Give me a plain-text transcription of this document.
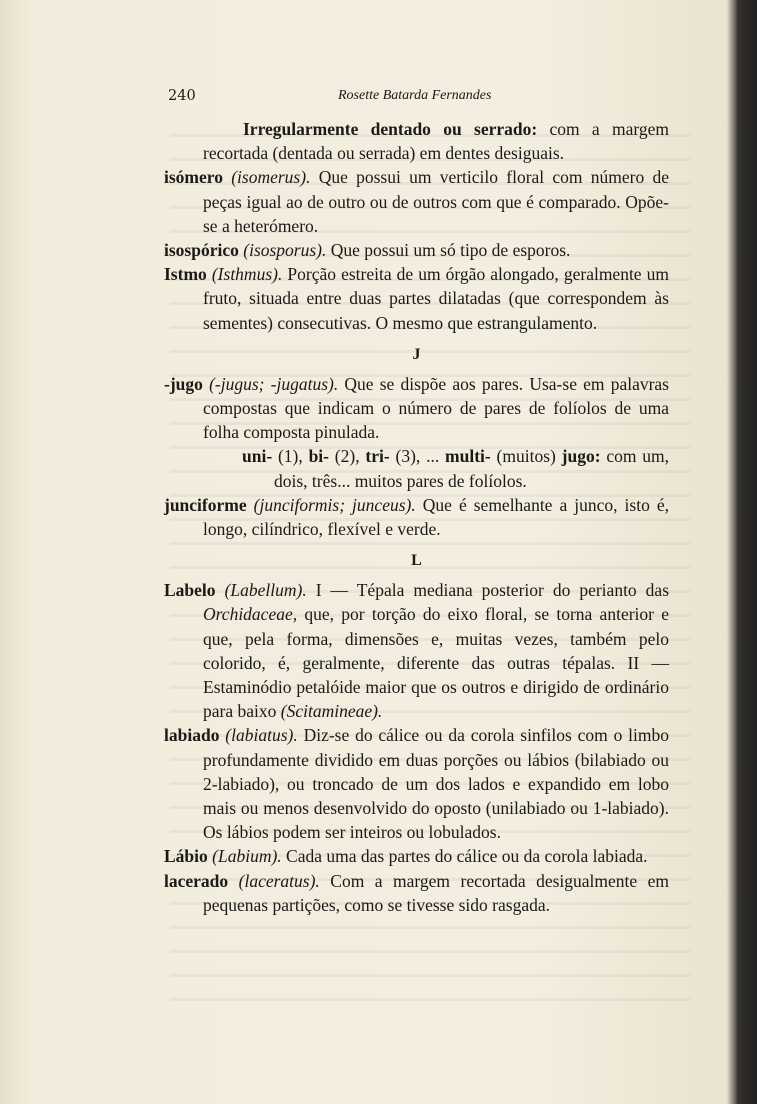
240	Rosette Batarda Fernandes

Irregularmente dentado ou serrado: com a margem recortada (dentada ou serrada) em dentes desiguais.

isómero (isomerus). Que possui um verticilo floral com número de peças igual ao de outro ou de outros com que é comparado. Opõe-se a heterómero.

isospórico (isosporus). Que possui um só tipo de esporos.

Istmo (Isthmus). Porção estreita de um órgão alongado, geralmente um fruto, situada entre duas partes dilatadas (que correspondem às sementes) consecutivas. O mesmo que estrangulamento.

J

-jugo (-jugus; -jugatus). Que se dispõe aos pares. Usa-se em palavras compostas que indicam o número de pares de folíolos de uma folha composta pinulada.

uni- (1), bi- (2), tri- (3), ... multi- (muitos) jugo: com um, dois, três... muitos pares de folíolos.

junciforme (junciformis; junceus). Que é semelhante a junco, isto é, longo, cilíndrico, flexível e verde.

L

Labelo (Labellum). I — Tépala mediana posterior do perianto das Orchidaceae, que, por torção do eixo floral, se torna anterior e que, pela forma, dimensões e, muitas vezes, também pelo colorido, é, geralmente, diferente das outras tépalas. II — Estaminódio petalóide maior que os outros e dirigido de ordinário para baixo (Scitamineae).

labiado (labiatus). Diz-se do cálice ou da corola sinfilos com o limbo profundamente dividido em duas porções ou lábios (bilabiado ou 2-labiado), ou troncado de um dos lados e expandido em lobo mais ou menos desenvolvido do oposto (unilabiado ou 1-labiado). Os lábios podem ser inteiros ou lobulados.

Lábio (Labium). Cada uma das partes do cálice ou da corola labiada.

lacerado (laceratus). Com a margem recortada desigualmente em pequenas partições, como se tivesse sido rasgada.
